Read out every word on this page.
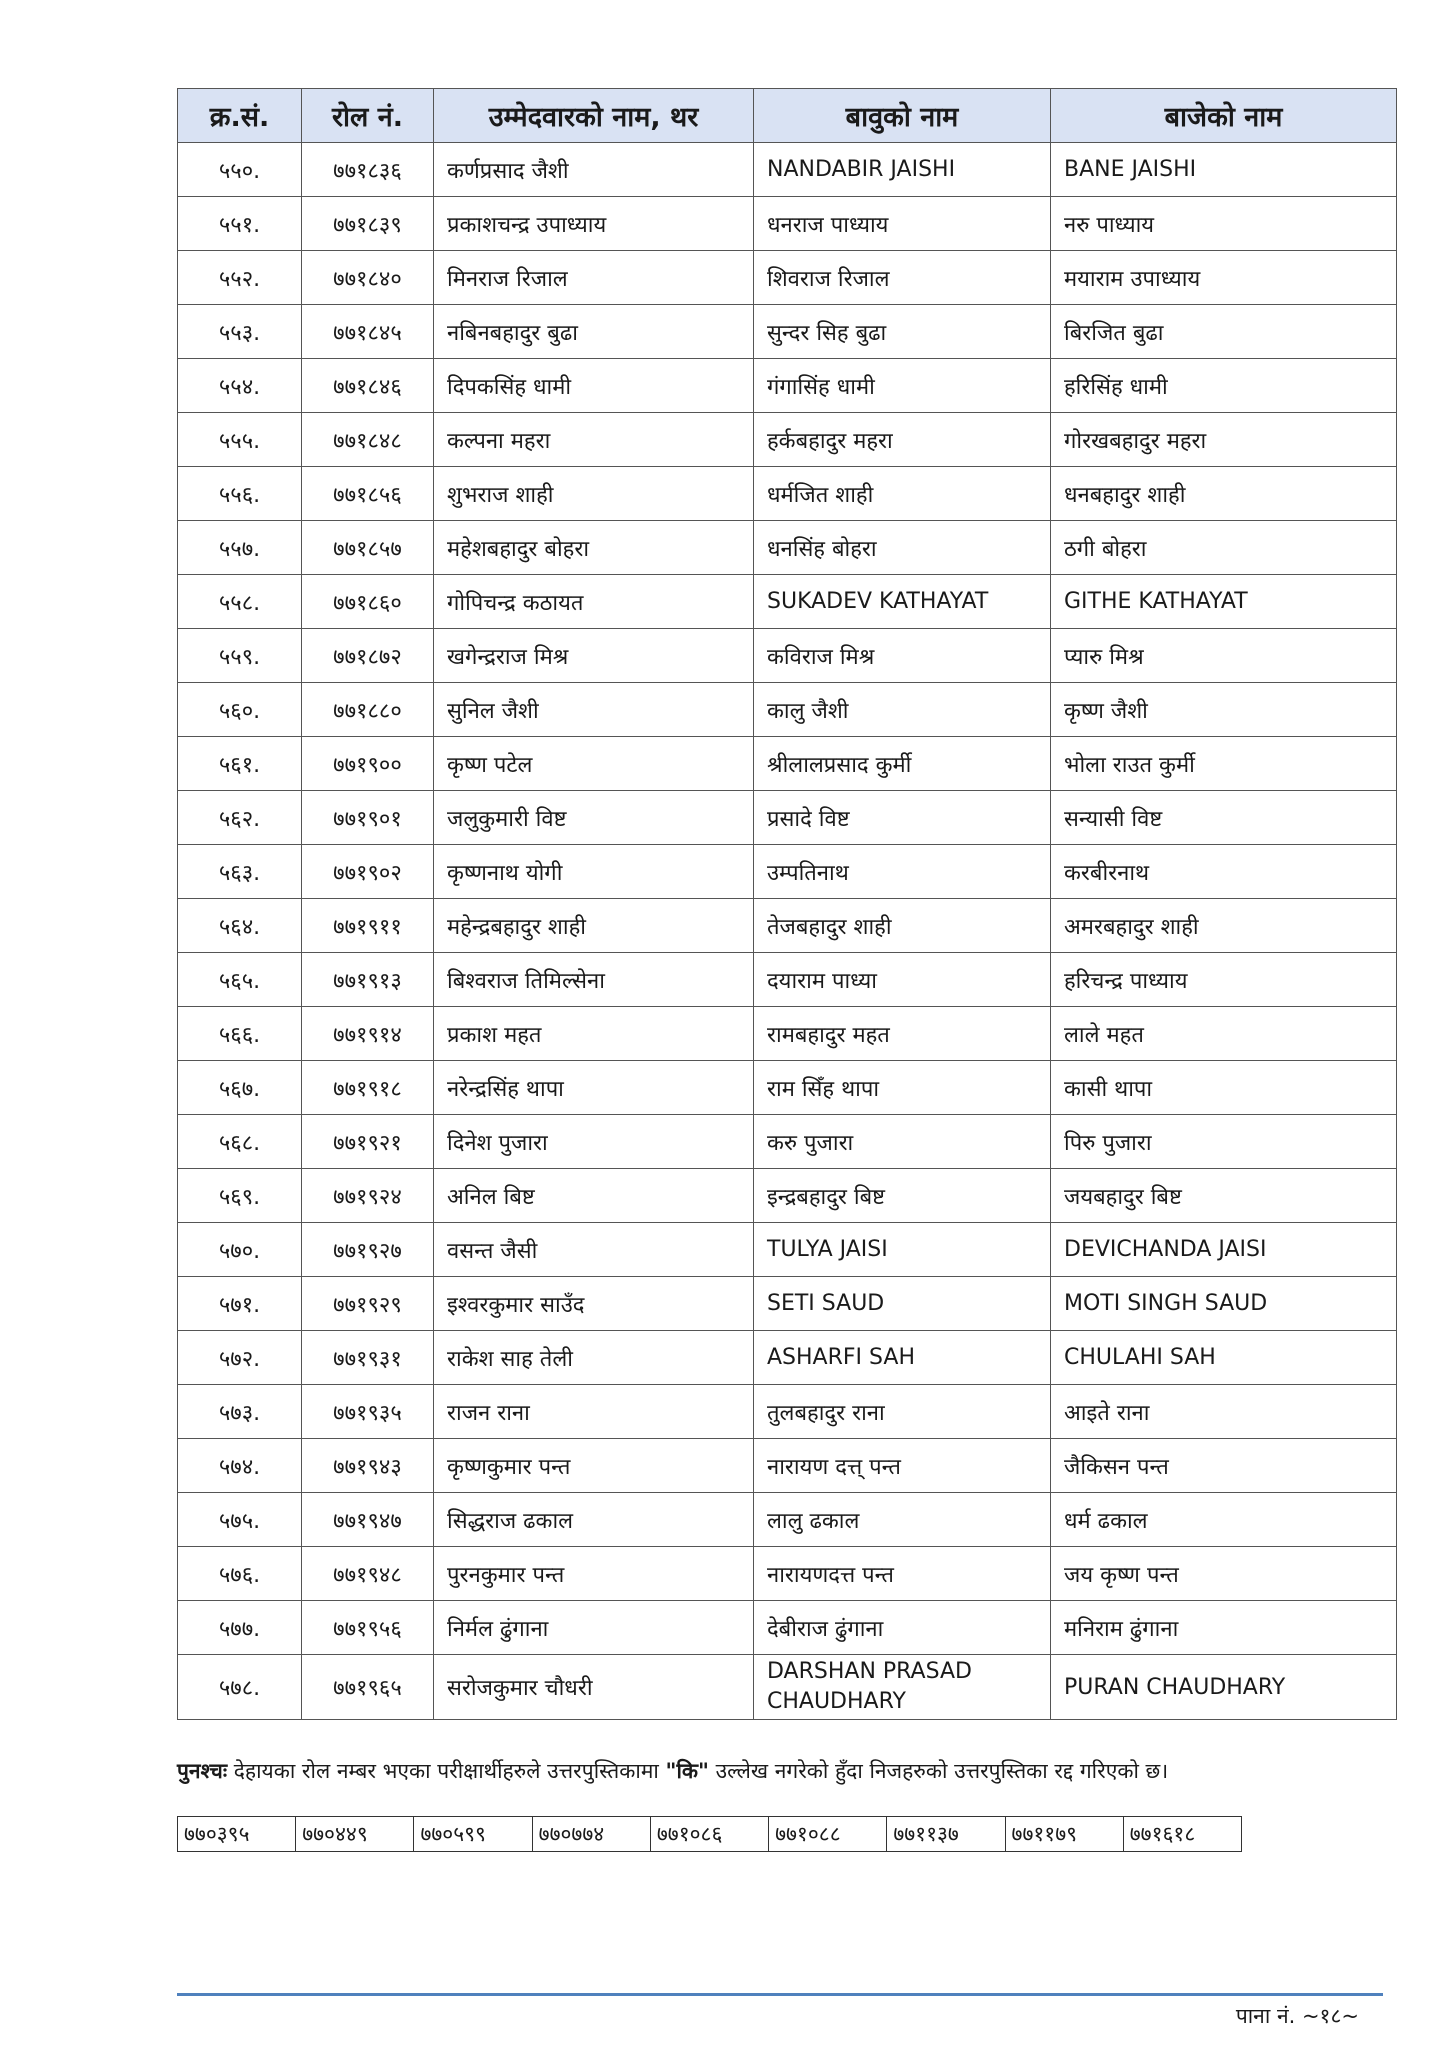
क्र.सं.	रोल नं.	उम्मेदवारको नाम, थर	बावुको नाम	बाजेको नाम
५५०.	७७१८३६	कर्णप्रसाद जैशी	NANDABIR JAISHI	BANE JAISHI
५५१.	७७१८३९	प्रकाशचन्द्र उपाध्याय	धनराज पाध्याय	नरु पाध्याय
५५२.	७७१८४०	मिनराज रिजाल	शिवराज रिजाल	मयाराम उपाध्याय
५५३.	७७१८४५	नबिनबहादुर बुढा	सुन्दर सिह बुढा	बिरजित बुढा
५५४.	७७१८४६	दिपकसिंह धामी	गंगासिंह धामी	हरिसिंह धामी
५५५.	७७१८४८	कल्पना महरा	हर्कबहादुर महरा	गोरखबहादुर महरा
५५६.	७७१८५६	शुभराज शाही	धर्मजित शाही	धनबहादुर शाही
५५७.	७७१८५७	महेशबहादुर बोहरा	धनसिंह बोहरा	ठगी बोहरा
५५८.	७७१८६०	गोपिचन्द्र कठायत	SUKADEV KATHAYAT	GITHE KATHAYAT
५५९.	७७१८७२	खगेन्द्रराज मिश्र	कविराज मिश्र	प्यारु मिश्र
५६०.	७७१८८०	सुनिल जैशी	कालु जैशी	कृष्ण जैशी
५६१.	७७१९००	कृष्ण पटेल	श्रीलालप्रसाद कुर्मी	भोला राउत कुर्मी
५६२.	७७१९०१	जलुकुमारी विष्ट	प्रसादे विष्ट	सन्यासी विष्ट
५६३.	७७१९०२	कृष्णनाथ योगी	उम्पतिनाथ	करबीरनाथ
५६४.	७७१९११	महेन्द्रबहादुर शाही	तेजबहादुर शाही	अमरबहादुर शाही
५६५.	७७१९१३	बिश्वराज तिमिल्सेना	दयाराम पाध्या	हरिचन्द्र पाध्याय
५६६.	७७१९१४	प्रकाश महत	रामबहादुर महत	लाले महत
५६७.	७७१९१८	नरेन्द्रसिंह थापा	राम सिँह थापा	कासी थापा
५६८.	७७१९२१	दिनेश पुजारा	करु पुजारा	पिरु पुजारा
५६९.	७७१९२४	अनिल बिष्ट	इन्द्रबहादुर बिष्ट	जयबहादुर बिष्ट
५७०.	७७१९२७	वसन्त जैसी	TULYA JAISI	DEVICHANDA JAISI
५७१.	७७१९२९	इश्वरकुमार साउँद	SETI SAUD	MOTI SINGH SAUD
५७२.	७७१९३१	राकेश साह तेली	ASHARFI SAH	CHULAHI SAH
५७३.	७७१९३५	राजन राना	तुलबहादुर राना	आइते राना
५७४.	७७१९४३	कृष्णकुमार पन्त	नारायण दत्त् पन्त	जैकिसन पन्त
५७५.	७७१९४७	सिद्धराज ढकाल	लालु ढकाल	धर्म ढकाल
५७६.	७७१९४८	पुरनकुमार पन्त	नारायणदत्त पन्त	जय कृष्ण पन्त
५७७.	७७१९५६	निर्मल ढुंगाना	देबीराज ढुंगाना	मनिराम ढुंगाना
५७८.	७७१९६५	सरोजकुमार चौधरी	DARSHAN PRASAD CHAUDHARY	PURAN CHAUDHARY
पुनश्चः देहायका रोल नम्बर भएका परीक्षार्थीहरुले उत्तरपुस्तिकामा "कि" उल्लेख नगरेको हुँदा निजहरुको उत्तरपुस्तिका रद्द गरिएको छ।
७७०३९५	७७०४४९	७७०५९९	७७०७७४	७७१०८६	७७१०८८	७७११३७	७७११७९	७७१६१८
पाना नं. ~१८~
